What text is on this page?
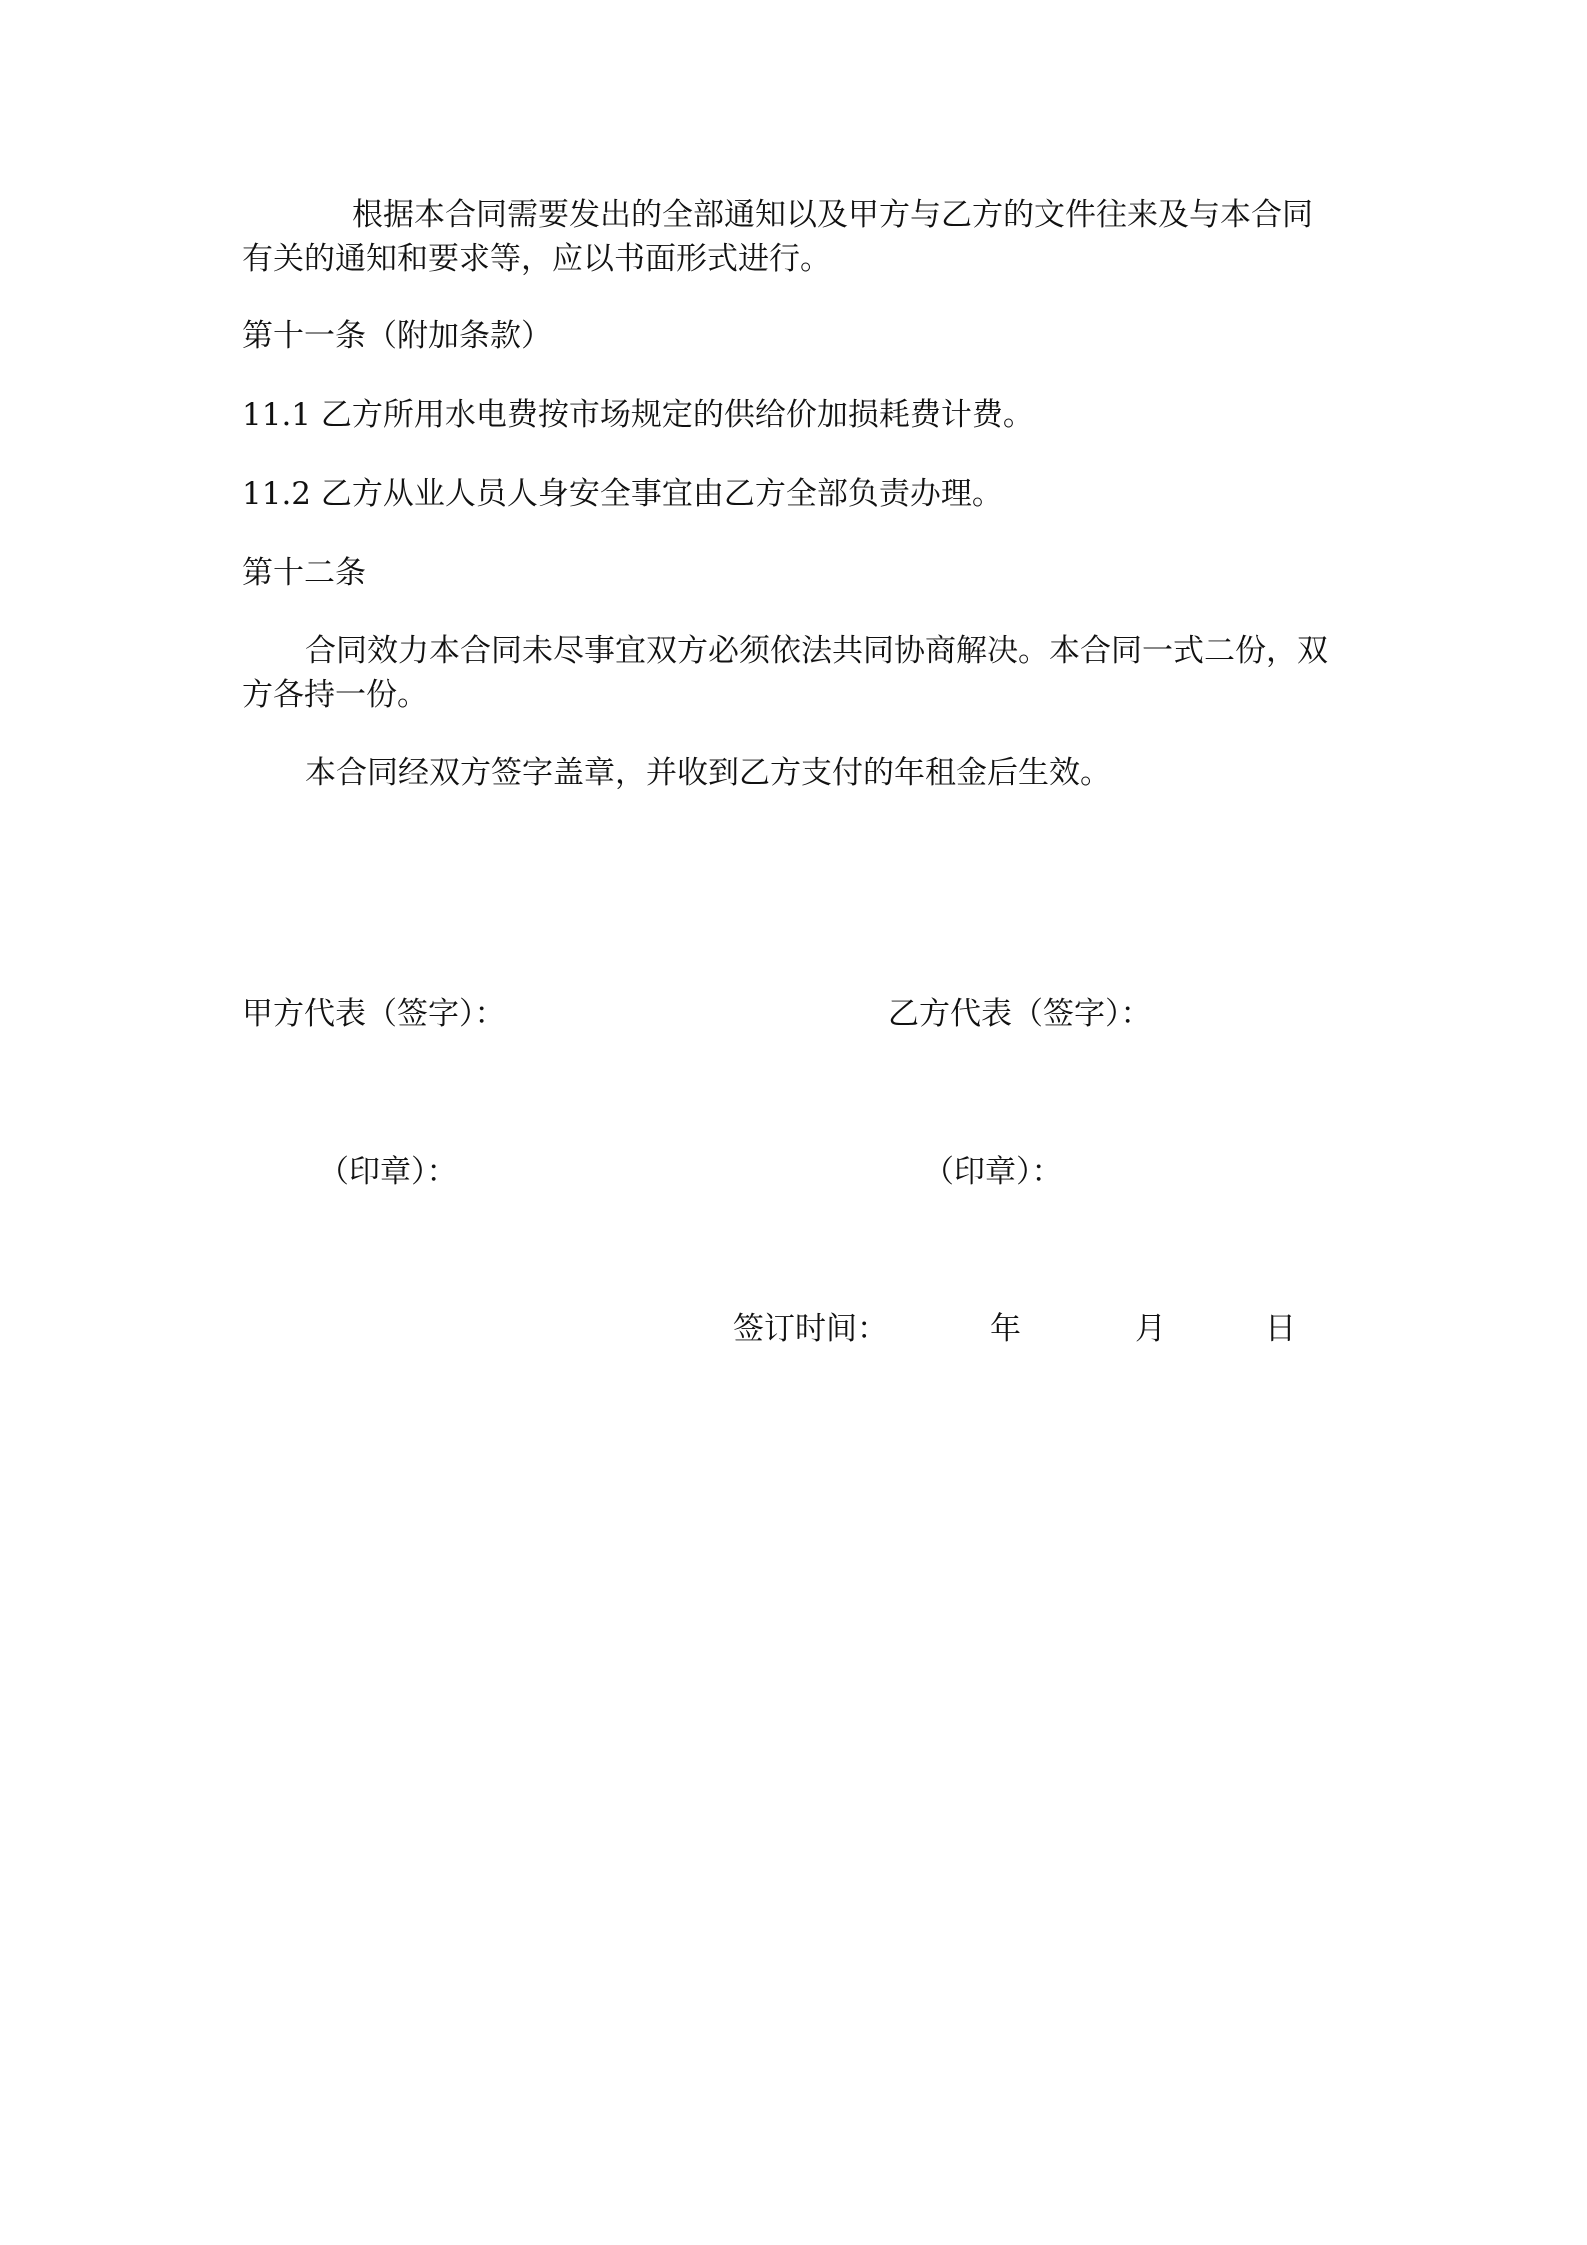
根据本合同需要发出的全部通知以及甲方与乙方的文件往来及与本合同
有关的通知和要求等，应以书面形式进行。
第十一条（附加条款）
11.1 乙方所用水电费按市场规定的供给价加损耗费计费。
11.2 乙方从业人员人身安全事宜由乙方全部负责办理。
第十二条
合同效力本合同未尽事宜双方必须依法共同协商解决。本合同一式二份，双
方各持一份。
本合同经双方签字盖章，并收到乙方支付的年租金后生效。
甲方代表（签字）：	乙方代表（签字）：
（印章）：	（印章）：
签订时间：	年	月	日
